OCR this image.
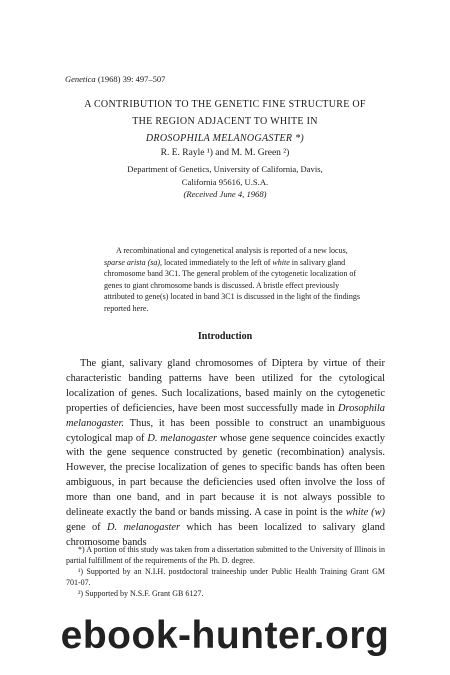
Genetica (1968) 39: 497–507
A CONTRIBUTION TO THE GENETIC FINE STRUCTURE OF
THE REGION ADJACENT TO WHITE IN
DROSOPHILA MELANOGASTER *)
R. E. Rayle ¹) and M. M. Green ²)
Department of Genetics, University of California, Davis,
California 95616, U.S.A.
(Received June 4, 1968)

A recombinational and cytogenetical analysis is reported of a new locus, sparse arista (sa), located immediately to the left of white in salivary gland chromosome band 3C1. The general problem of the cytogenetic localization of genes to giant chromosome bands is discussed. A bristle effect previously attributed to gene(s) located in band 3C1 is discussed in the light of the findings reported here.

Introduction

The giant, salivary gland chromosomes of Diptera by virtue of their characteristic banding patterns have been utilized for the cytological localization of genes. Such localizations, based mainly on the cytogenetic properties of deficiencies, have been most successfully made in Drosophila melanogaster. Thus, it has been possible to construct an unambiguous cytological map of D. melanogaster whose gene sequence coincides exactly with the gene sequence constructed by genetic (recombination) analysis. However, the precise localization of genes to specific bands has often been ambiguous, in part because the deficiencies used often involve the loss of more than one band, and in part because it is not always possible to delineate exactly the band or bands missing. A case in point is the white (w) gene of D. melanogaster which has been localized to salivary gland chromosome bands

*) A portion of this study was taken from a dissertation submitted to the University of Illinois in partial fulfillment of the requirements of the Ph. D. degree.

¹) Supported by an N.I.H. postdoctoral traineeship under Public Health Training Grant GM 701-07.

²) Supported by N.S.F. Grant GB 6127.

ebook-hunter.org
